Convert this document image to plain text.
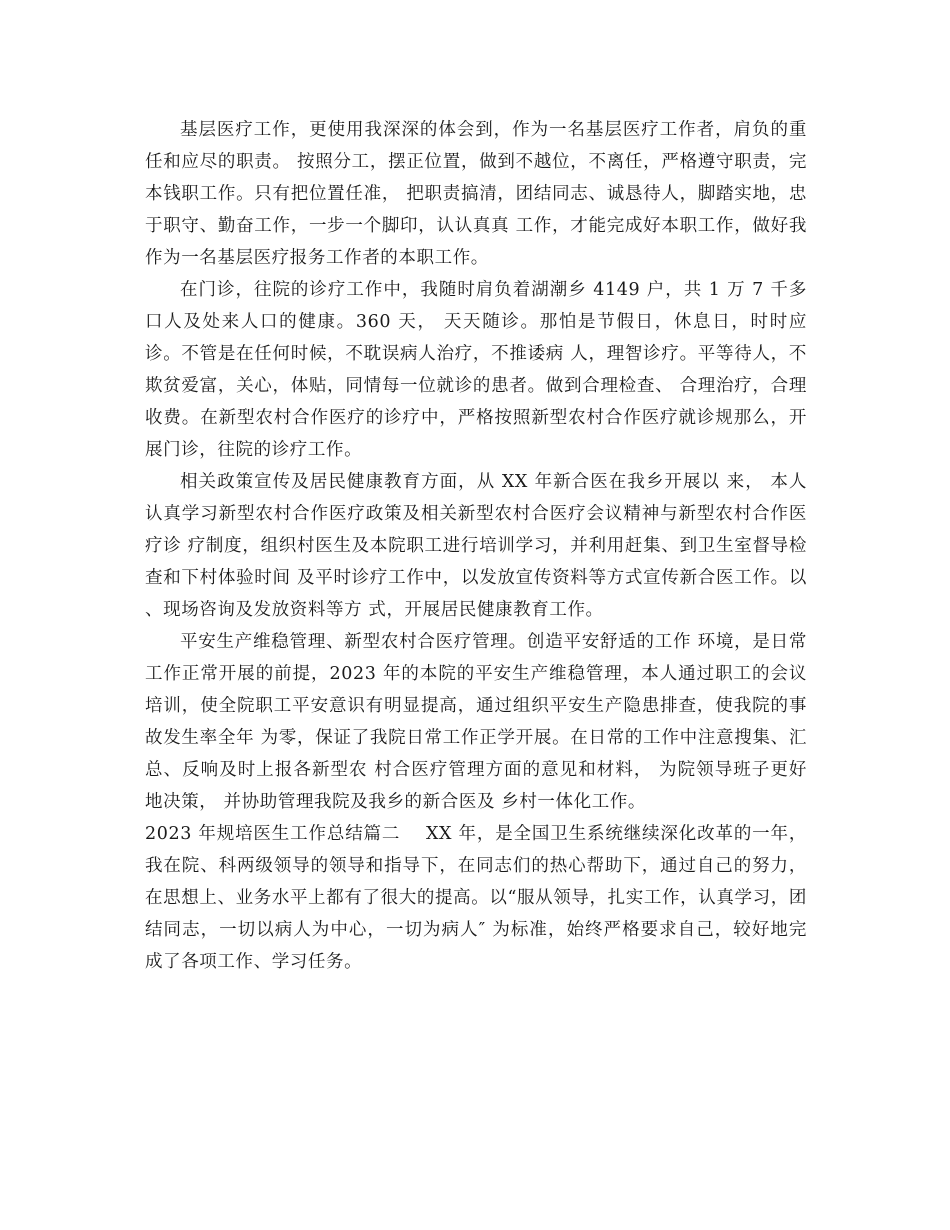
基层医疗工作，更使用我深深的体会到，作为一名基层医疗工作者，肩负的重任和应尽的职责。 按照分工，摆正位置，做到不越位，不离任，严格遵守职责，完本钱职工作。只有把位置任准， 把职责搞清，团结同志、诚恳待人，脚踏实地，忠于职守、勤奋工作，一步一个脚印，认认真真 工作，才能完成好本职工作，做好我作为一名基层医疗报务工作者的本职工作。

在门诊，往院的诊疗工作中，我随时肩负着湖潮乡 4149 户，共 1 万 7 千多口人及处来人口的健康。360 天， 天天随诊。那怕是节假日，休息日，时时应诊。不管是在任何时候，不耽误病人治疗，不推诿病 人，理智诊疗。平等待人，不欺贫爱富，关心，体贴，同情每一位就诊的患者。做到合理检查、 合理治疗，合理收费。在新型农村合作医疗的诊疗中，严格按照新型农村合作医疗就诊规那么，开 展门诊，往院的诊疗工作。

相关政策宣传及居民健康教育方面，从 XX 年新合医在我乡开展以 来， 本人认真学习新型农村合作医疗政策及相关新型农村合医疗会议精神与新型农村合作医疗诊 疗制度，组织村医生及本院职工进行培训学习，并利用赶集、到卫生室督导检查和下村体验时间 及平时诊疗工作中，以发放宣传资料等方式宣传新合医工作。以  、现场咨询及发放资料等方 式，开展居民健康教育工作。

平安生产维稳管理、新型农村合医疗管理。创造平安舒适的工作 环境，是日常工作正常开展的前提，2023 年的本院的平安生产维稳管理，本人通过职工的会议 培训，使全院职工平安意识有明显提高，通过组织平安生产隐患排查，使我院的事故发生率全年 为零，保证了我院日常工作正学开展。在日常的工作中注意搜集、汇总、反响及时上报各新型农 村合医疗管理方面的意见和材料， 为院领导班子更好地决策， 并协助管理我院及我乡的新合医及 乡村一体化工作。

2023 年规培医生工作总结篇二    XX 年，是全国卫生系统继续深化改革的一年，我在院、科两级领导的领导和指导下，在同志们的热心帮助下，通过自己的努力，在思想上、业务水平上都有了很大的提高。以“服从领导，扎实工作，认真学习，团结同志，一切以病人为中心，一切为病人″ 为标准，始终严格要求自己，较好地完成了各项工作、学习任务。
